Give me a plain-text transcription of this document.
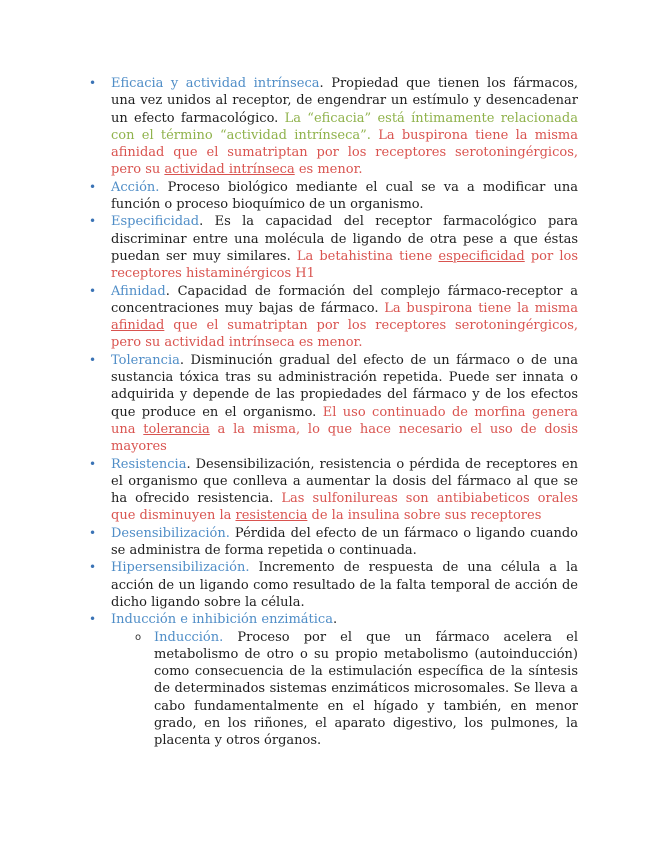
• Eficacia y actividad intrínseca. Propiedad que tienen los fármacos, una vez unidos al receptor, de engendrar un estímulo y desencadenar un efecto farmacológico. La “eficacia” está íntimamente relacionada con el término “actividad intrínseca”. La buspirona tiene la misma afinidad que el sumatriptan por los receptores serotoningérgicos, pero su actividad intrínseca es menor.
• Acción. Proceso biológico mediante el cual se va a modificar una función o proceso bioquímico de un organismo.
• Especificidad. Es la capacidad del receptor farmacológico para discriminar entre una molécula de ligando de otra pese a que éstas puedan ser muy similares. La betahistina tiene especificidad por los receptores histaminérgicos H1
• Afinidad. Capacidad de formación del complejo fármaco-receptor a concentraciones muy bajas de fármaco. La buspirona tiene la misma afinidad que el sumatriptan por los receptores serotoningérgicos, pero su actividad intrínseca es menor.
• Tolerancia. Disminución gradual del efecto de un fármaco o de una sustancia tóxica tras su administración repetida. Puede ser innata o adquirida y depende de las propiedades del fármaco y de los efectos que produce en el organismo. El uso continuado de morfina genera una tolerancia a la misma, lo que hace necesario el uso de dosis mayores
• Resistencia. Desensibilización, resistencia o pérdida de receptores en el organismo que conlleva a aumentar la dosis del fármaco al que se ha ofrecido resistencia. Las sulfonilureas son antibiabeticos orales que disminuyen la resistencia de la insulina sobre sus receptores
• Desensibilización. Pérdida del efecto de un fármaco o ligando cuando se administra de forma repetida o continuada.
• Hipersensibilización. Incremento de respuesta de una célula a la acción de un ligando como resultado de la falta temporal de acción de dicho ligando sobre la célula.
• Inducción e inhibición enzimática.
o Inducción. Proceso por el que un fármaco acelera el metabolismo de otro o su propio metabolismo (autoinducción) como consecuencia de la estimulación específica de la síntesis de determinados sistemas enzimáticos microsomales. Se lleva a cabo fundamentalmente en el hígado y también, en menor grado, en los riñones, el aparato digestivo, los pulmones, la placenta y otros órganos.
